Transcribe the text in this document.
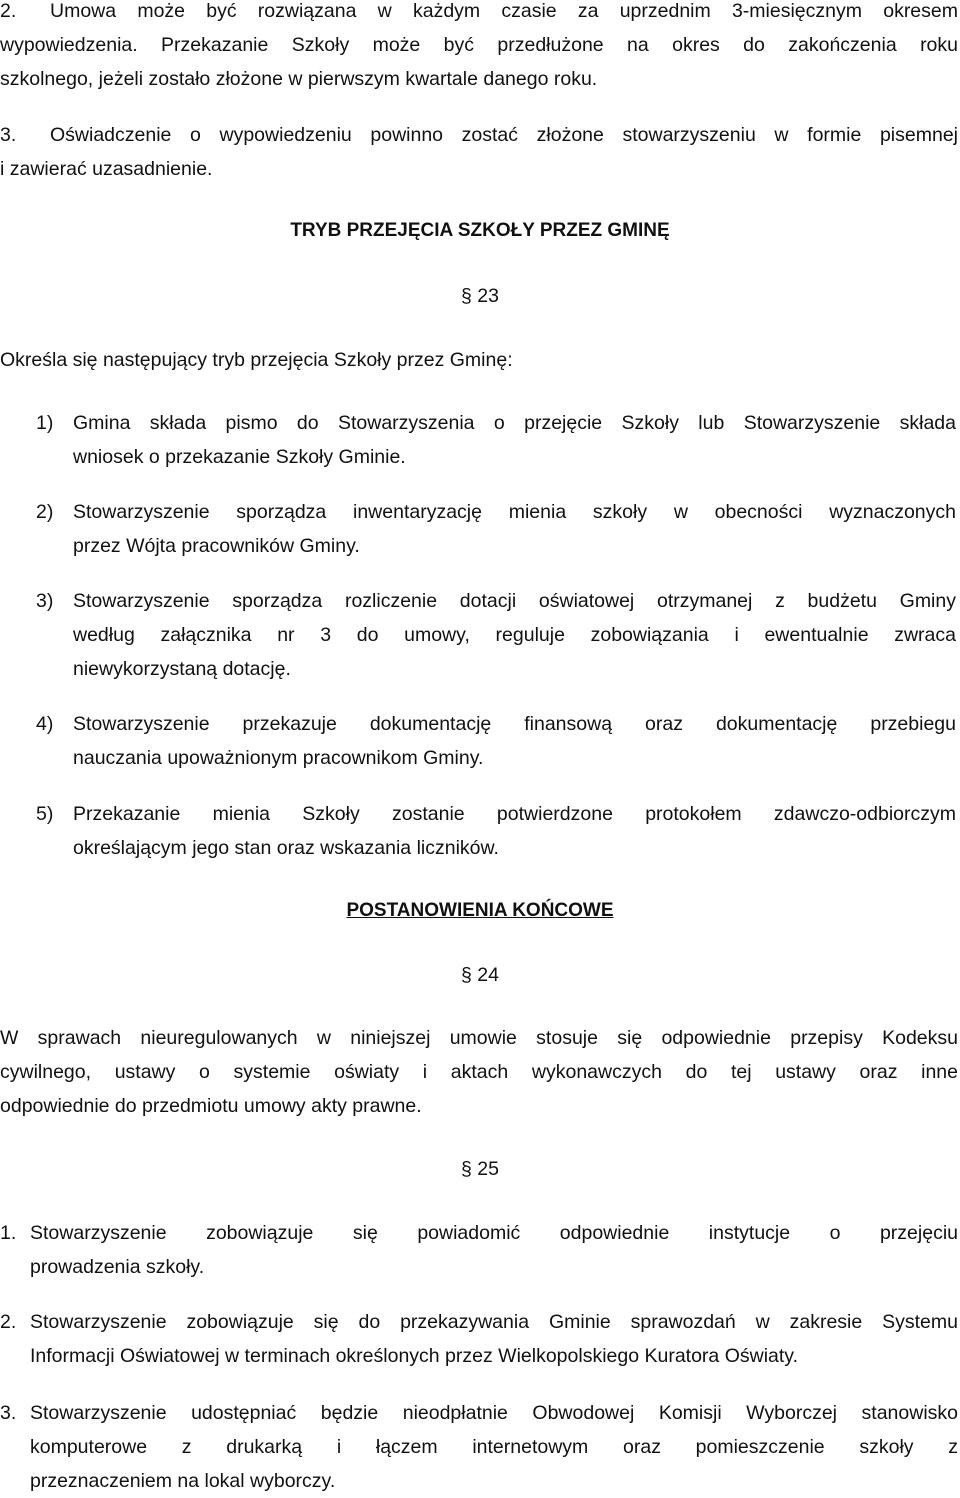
2.	Umowa może być rozwiązana w każdym czasie za uprzednim 3-miesięcznym okresem
wypowiedzenia. Przekazanie Szkoły może być przedłużone na okres do zakończenia roku
szkolnego, jeżeli zostało złożone w pierwszym kwartale danego roku.
3.	Oświadczenie o wypowiedzeniu powinno zostać złożone stowarzyszeniu w formie pisemnej
i zawierać uzasadnienie.
TRYB PRZEJĘCIA SZKOŁY PRZEZ GMINĘ
§ 23
Określa się następujący tryb przejęcia Szkoły przez Gminę:
1)	Gmina składa pismo do Stowarzyszenia o przejęcie Szkoły lub Stowarzyszenie składa
wniosek o przekazanie Szkoły Gminie.
2)	Stowarzyszenie sporządza inwentaryzację mienia szkoły w obecności wyznaczonych
przez Wójta pracowników Gminy.
3)	Stowarzyszenie sporządza rozliczenie dotacji oświatowej otrzymanej z budżetu Gminy
według załącznika nr 3 do umowy, reguluje zobowiązania i ewentualnie zwraca
niewykorzystaną dotację.
4)	Stowarzyszenie przekazuje dokumentację finansową oraz dokumentację przebiegu
nauczania upoważnionym pracownikom Gminy.
5)	Przekazanie mienia Szkoły zostanie potwierdzone protokołem zdawczo-odbiorczym
określającym jego stan oraz wskazania liczników.
POSTANOWIENIA KOŃCOWE
§ 24
W sprawach nieuregulowanych w niniejszej umowie stosuje się odpowiednie przepisy Kodeksu
cywilnego, ustawy o systemie oświaty i aktach wykonawczych do tej ustawy oraz inne
odpowiednie do przedmiotu umowy akty prawne.
§ 25
1. Stowarzyszenie zobowiązuje się powiadomić odpowiednie instytucje o przejęciu
prowadzenia szkoły.
2. Stowarzyszenie zobowiązuje się do przekazywania Gminie sprawozdań w zakresie Systemu
Informacji Oświatowej w terminach określonych przez Wielkopolskiego Kuratora Oświaty.
3. Stowarzyszenie udostępniać będzie nieodpłatnie Obwodowej Komisji Wyborczej stanowisko
komputerowe z drukarką i łączem internetowym oraz pomieszczenie szkoły z
przeznaczeniem na lokal wyborczy.
